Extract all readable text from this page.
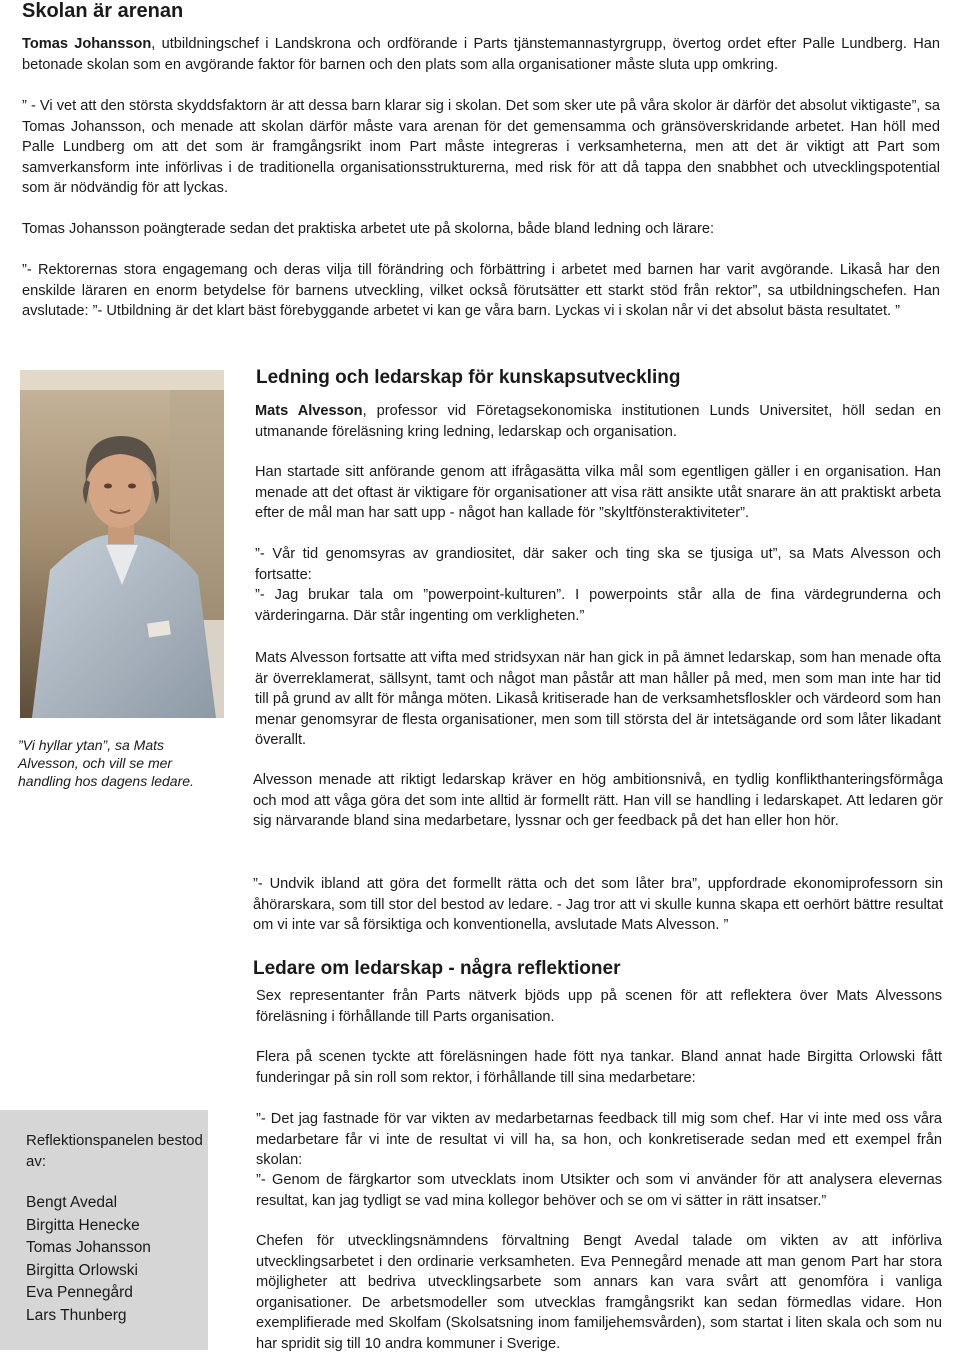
Skolan är arenan

Tomas Johansson, utbildningschef i Landskrona och ordförande i Parts tjänstemannastyrgrupp, övertog ordet efter Palle Lundberg. Han betonade skolan som en avgörande faktor för barnen och den plats som alla organisationer måste sluta upp omkring.

” - Vi vet att den största skyddsfaktorn är att dessa barn klarar sig i skolan. Det som sker ute på våra skolor är därför det absolut viktigaste”, sa Tomas Johansson, och menade att skolan därför måste vara arenan för det gemensamma och gränsöverskridande arbetet. Han höll med Palle Lundberg om att det som är framgångsrikt inom Part måste integreras i verksamheterna, men att det är viktigt att Part som samverkansform inte införlivas i de traditionella organisationsstrukturerna, med risk för att då tappa den snabbhet och utvecklingspotential som är nödvändig för att lyckas.

Tomas Johansson poängterade sedan det praktiska arbetet ute på skolorna, både bland ledning och lärare:

”- Rektorernas stora engagemang och deras vilja till förändring och förbättring i arbetet med barnen har varit avgörande. Likaså har den enskilde läraren en enorm betydelse för barnens utveckling, vilket också förutsätter ett starkt stöd från rektor”, sa utbildningschefen. Han avslutade: ”- Utbildning är det klart bäst förebyggande arbetet vi kan ge våra barn. Lyckas vi i skolan når vi det absolut bästa resultatet. ”

”Vi hyllar ytan”, sa Mats Alvesson, och vill se mer handling hos dagens ledare.

Ledning och ledarskap för kunskapsutveckling

Mats Alvesson, professor vid Företagsekonomiska institutionen Lunds Universitet, höll sedan en utmanande föreläsning kring ledning, ledarskap och organisation.

Han startade sitt anförande genom att ifrågasätta vilka mål som egentligen gäller i en organisation. Han menade att det oftast är viktigare för organisationer att visa rätt ansikte utåt snarare än att praktiskt arbeta efter de mål man har satt upp - något han kallade för ”skyltfönsteraktiviteter”.

”- Vår tid genomsyras av grandiositet, där saker och ting ska se tjusiga ut”, sa Mats Alvesson och fortsatte:

”- Jag brukar tala om ”powerpoint-kulturen”. I powerpoints står alla de fina värdegrunderna och värderingarna. Där står ingenting om verkligheten.”

Mats Alvesson fortsatte att vifta med stridsyxan när han gick in på ämnet ledarskap, som han menade ofta är överreklamerat, sällsynt, tamt och något man påstår att man håller på med, men som man inte har tid till på grund av allt för många möten. Likaså kritiserade han de verksamhetsfloskler och värdeord som han menar genomsyrar de flesta organisationer, men som till största del är intetsägande ord som låter likadant överallt.

Alvesson menade att riktigt ledarskap kräver en hög ambitionsnivå, en tydlig konflikthanteringsförmåga och mod att våga göra det som inte alltid är formellt rätt. Han vill se handling i ledarskapet. Att ledaren gör sig närvarande bland sina medarbetare, lyssnar och ger feedback på det han eller hon hör.

”- Undvik ibland att göra det formellt rätta och det som låter bra”, uppfordrade ekonomiprofessorn sin åhörarskara, som till stor del bestod av ledare. - Jag tror att vi skulle kunna skapa ett oerhört bättre resultat om vi inte var så försiktiga och konventionella, avslutade Mats Alvesson. ”

Ledare om ledarskap - några reflektioner

Sex representanter från Parts nätverk bjöds upp på scenen för att reflektera över Mats Alvessons föreläsning i förhållande till Parts organisation.

Flera på scenen tyckte att föreläsningen hade fött nya tankar. Bland annat hade Birgitta Orlowski fått funderingar på sin roll som rektor, i förhållande till sina medarbetare:

”- Det jag fastnade för var vikten av medarbetarnas feedback till mig som chef. Har vi inte med oss våra medarbetare får vi inte de resultat vi vill ha, sa hon, och konkretiserade sedan med ett exempel från skolan:

”- Genom de färgkartor som utvecklats inom Utsikter och som vi använder för att analysera elevernas resultat, kan jag tydligt se vad mina kollegor behöver och se om vi sätter in rätt insatser.”

Chefen för utvecklingsnämndens förvaltning Bengt Avedal talade om vikten av att införliva utvecklingsarbetet i den ordinarie verksamheten. Eva Pennegård menade att man genom Part har stora möjligheter att bedriva utvecklingsarbete som annars kan vara svårt att genomföra i vanliga organisationer. De arbetsmodeller som utvecklas framgångsrikt kan sedan förmedlas vidare. Hon exemplifierade med Skolfam (Skolsatsning inom familjehemsvården), som startat i liten skala och som nu har spridit sig till 10 andra kommuner i Sverige.

Reflektionspanelen bestod av:
Bengt Avedal
Birgitta Henecke
Tomas Johansson
Birgitta Orlowski
Eva Pennegård
Lars Thunberg
